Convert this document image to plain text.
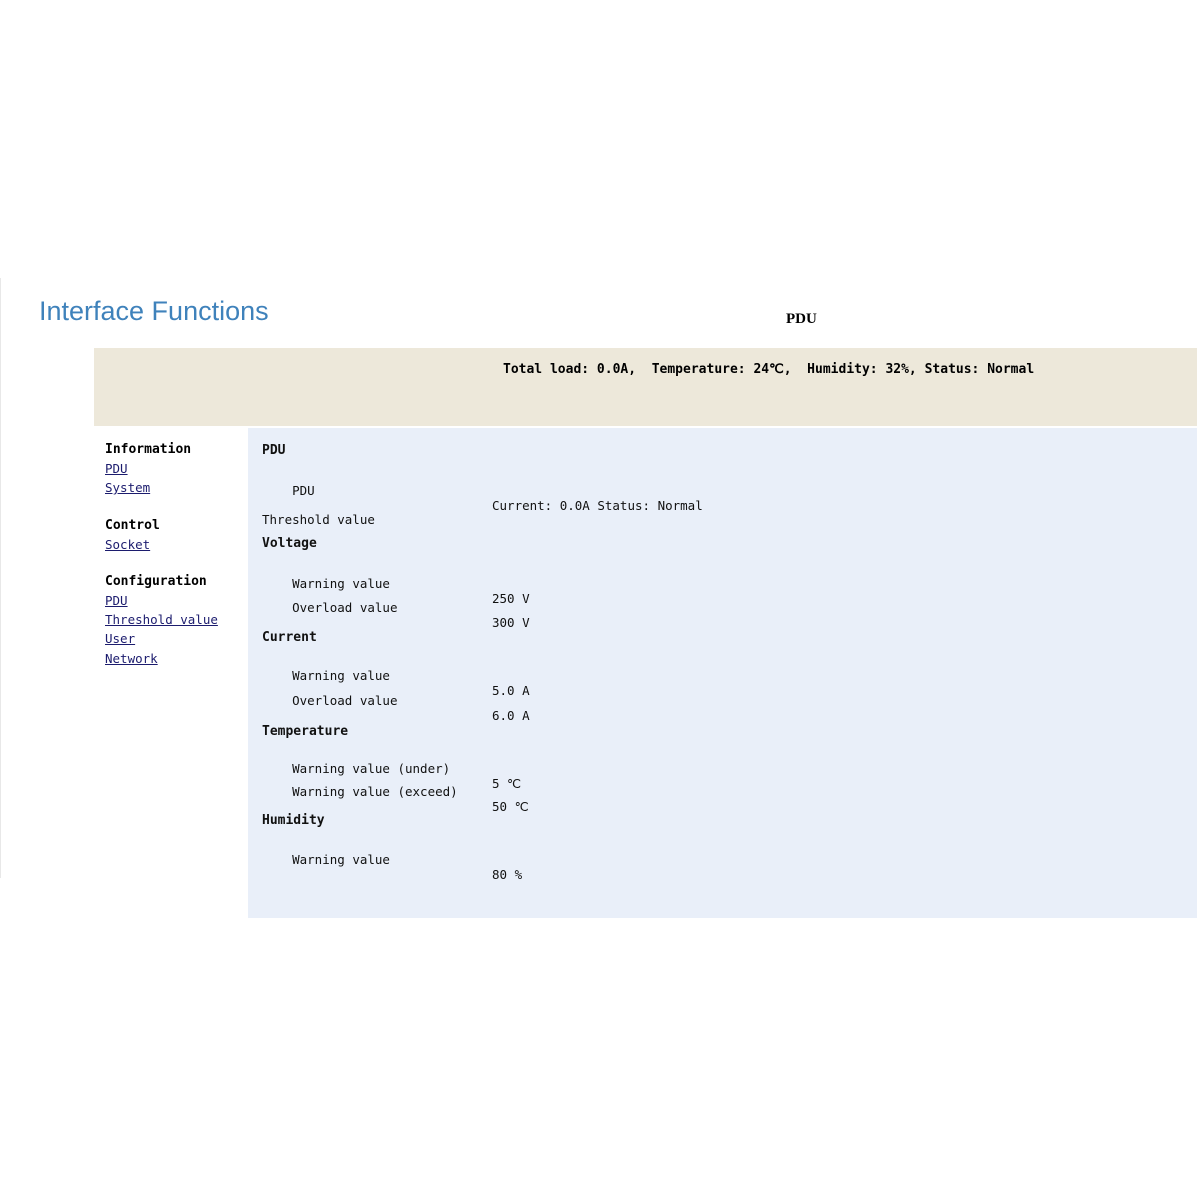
Interface Functions	PDU
Total load: 0.0A,  Temperature: 24℃,  Humidity: 32%, Status: Normal
Information
PDU
System
Control
Socket
Configuration
PDU
Threshold value
User
Network
PDU

PDU

Current: 0.0A Status: Normal

Threshold value
Voltage

Warning value

250 V

Overload value

300 V

Current

Warning value

5.0 A

Overload value

6.0 A

Temperature

Warning value (under)

5 ℃

Warning value (exceed)

50 ℃

Humidity

Warning value

80 %
